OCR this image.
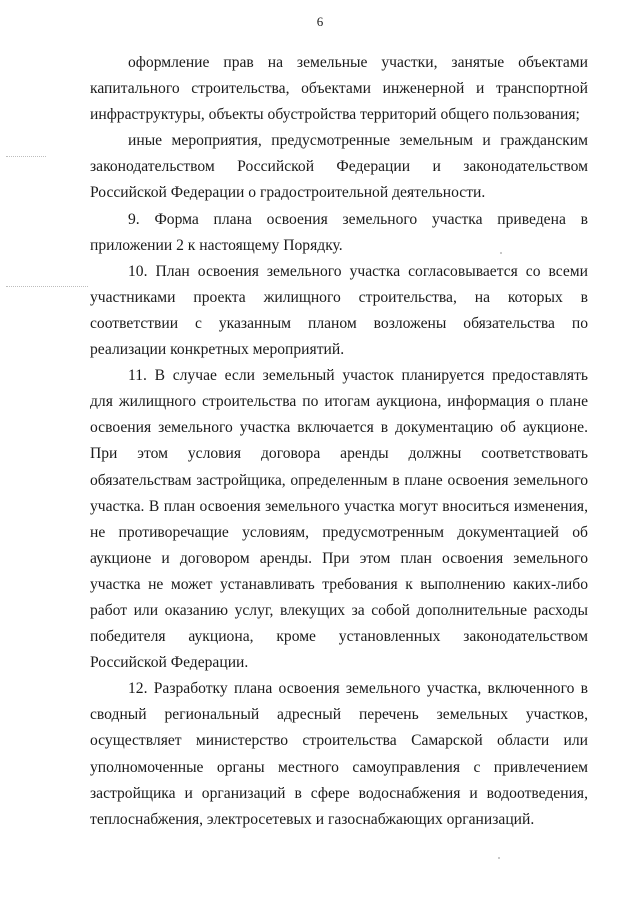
6

оформление прав на земельные участки, занятые объектами капитального строительства, объектами инженерной и транспортной инфраструктуры, объекты обустройства территорий общего пользования;

иные мероприятия, предусмотренные земельным и гражданским законодательством Российской Федерации и законодательством Российской Федерации о градостроительной деятельности.

9. Форма плана освоения земельного участка приведена в приложении 2 к настоящему Порядку.

10. План освоения земельного участка согласовывается со всеми участниками проекта жилищного строительства, на которых в соответствии с указанным планом возложены обязательства по реализации конкретных мероприятий.

11. В случае если земельный участок планируется предоставлять для жилищного строительства по итогам аукциона, информация о плане освоения земельного участка включается в документацию об аукционе. При этом условия договора аренды должны соответствовать обязательствам застройщика, определенным в плане освоения земельного участка. В план освоения земельного участка могут вноситься изменения, не противоречащие условиям, предусмотренным документацией об аукционе и договором аренды. При этом план освоения земельного участка не может устанавливать требования к выполнению каких-либо работ или оказанию услуг, влекущих за собой дополнительные расходы победителя аукциона, кроме установленных законодательством Российской Федерации.

12. Разработку плана освоения земельного участка, включенного в сводный региональный адресный перечень земельных участков, осуществляет министерство строительства Самарской области или уполномоченные органы местного самоуправления с привлечением застройщика и организаций в сфере водоснабжения и водоотведения, теплоснабжения, электросетевых и газоснабжающих организаций.
